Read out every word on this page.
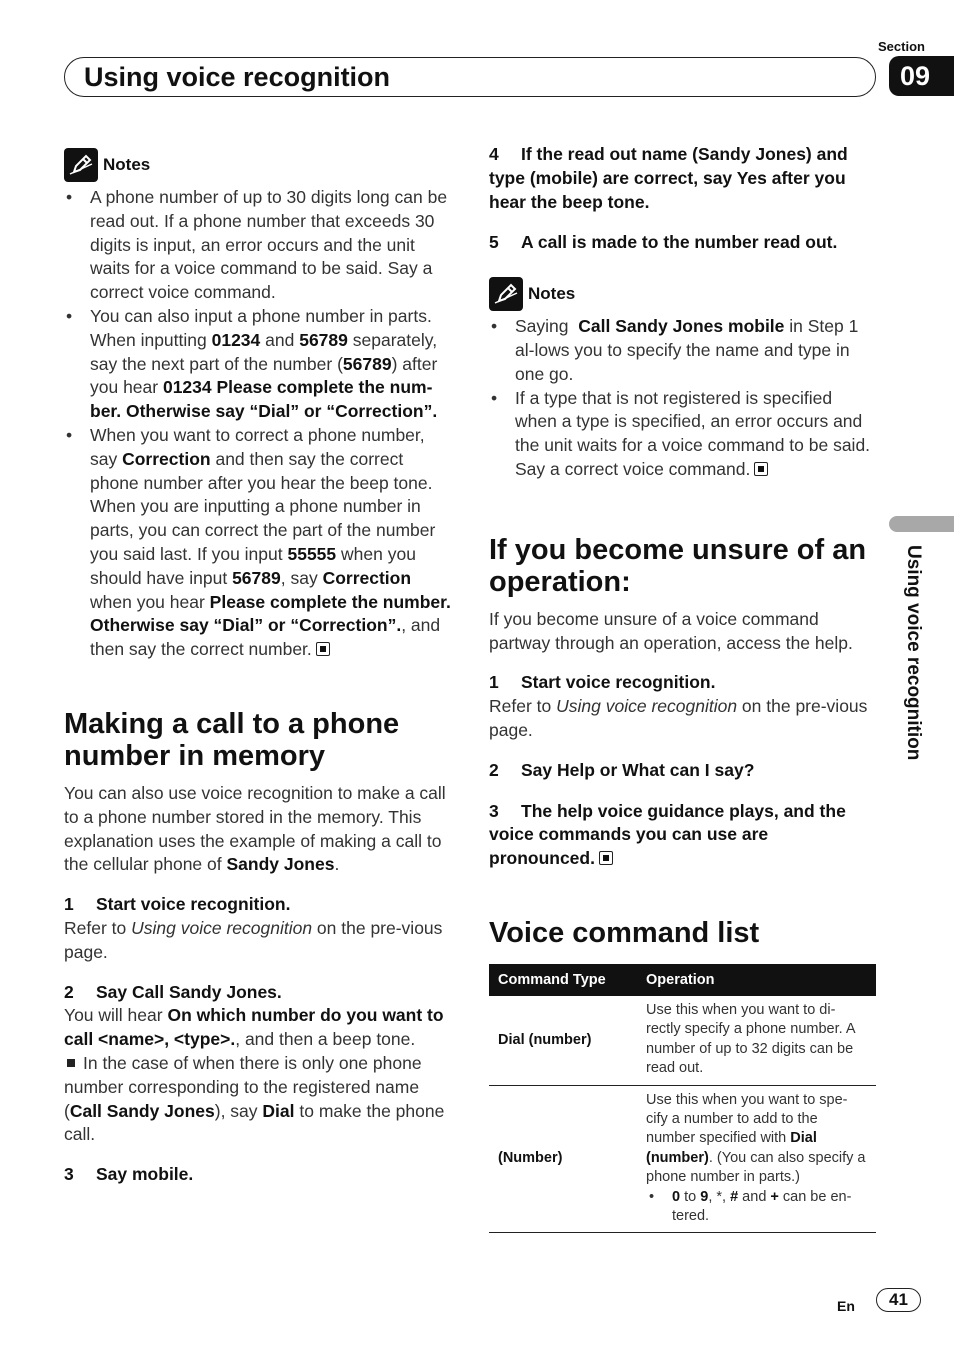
Section
09
Using voice recognition
Using voice recognition
Notes
• A phone number of up to 30 digits long can be read out. If a phone number that exceeds 30 digits is input, an error occurs and the unit waits for a voice command to be said. Say a correct voice command.
• You can also input a phone number in parts. When inputting 01234 and 56789 separately, say the next part of the number (56789) after you hear 01234 Please complete the num-ber. Otherwise say “Dial” or “Correction”.
• When you want to correct a phone number, say Correction and then say the correct phone number after you hear the beep tone. When you are inputting a phone number in parts, you can correct the part of the number you said last. If you input 55555 when you should have input 56789, say Correction when you hear Please complete the number. Otherwise say “Dial” or “Correction”., and then say the correct number.
Making a call to a phone number in memory

You can also use voice recognition to make a call to a phone number stored in the memory. This explanation uses the example of making a call to the cellular phone of Sandy Jones.

1 Start voice recognition.

Refer to Using voice recognition on the pre-vious page.

2 Say Call Sandy Jones.

You will hear On which number do you want to call <name>, <type>., and then a beep tone.

In the case of when there is only one phone number corresponding to the registered name (Call Sandy Jones), say Dial to make the phone call.

3 Say mobile.
4 If the read out name (Sandy Jones) and type (mobile) are correct, say Yes after you hear the beep tone.
5 A call is made to the number read out.
Notes
• Saying  Call Sandy Jones mobile in Step 1 al-lows you to specify the name and type in one go.
• If a type that is not registered is specified when a type is specified, an error occurs and the unit waits for a voice command to be said. Say a correct voice command.
If you become unsure of an operation:

If you become unsure of a voice command partway through an operation, access the help.

1 Start voice recognition.

Refer to Using voice recognition on the pre-vious page.

2 Say Help or What can I say?
3 The help voice guidance plays, and the voice commands you can use are pronounced.
Voice command list
Command Type	Operation
Dial (number)	Use this when you want to di-rectly specify a phone number. A number of up to 32 digits can be read out.
(Number)	Use this when you want to spe-cify a number to add to the number specified with Dial (number). (You can also specify a phone number in parts.)
• 0 to 9, *, # and + can be en-tered.
En	41
